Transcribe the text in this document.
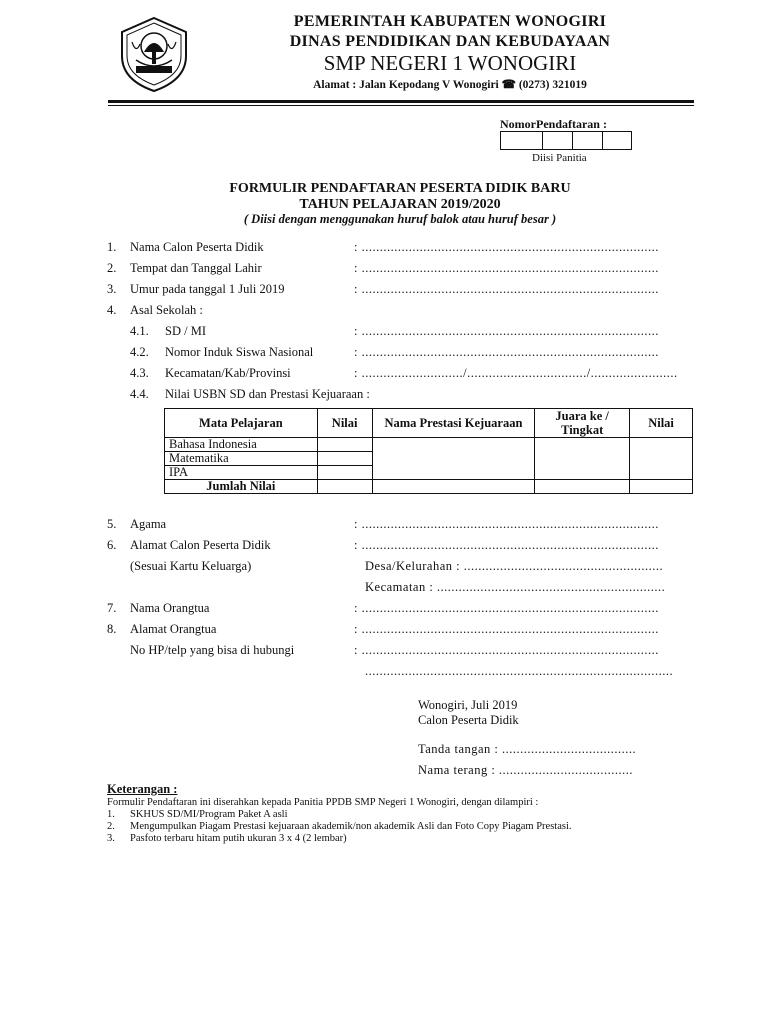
PEMERINTAH KABUPATEN WONOGIRI
DINAS PENDIDIKAN DAN KEBUDAYAAN
SMP NEGERI 1 WONOGIRI
Alamat : Jalan Kepodang V Wonogiri ☎ (0273) 321019
NomorPendaftaran :
Diisi Panitia
FORMULIR PENDAFTARAN PESERTA DIDIK BARU
TAHUN PELAJARAN 2019/2020
( Diisi dengan menggunakan huruf balok atau huruf besar )
1. Nama Calon Peserta Didik	: ..................................................................................
2. Tempat dan Tanggal Lahir	: ..................................................................................
3. Umur pada tanggal 1 Juli 2019	: ..................................................................................
4. Asal Sekolah :
4.1. SD / MI	: ..................................................................................
4.2. Nomor Induk Siswa Nasional	: ..................................................................................
4.3. Kecamatan/Kab/Provinsi	: ............................/................................./........................
4.4. Nilai USBN SD dan Prestasi Kejuaraan :
Mata Pelajaran	Nilai	Nama Prestasi Kejuaraan	Juara ke / Tingkat	Nilai
Bahasa Indonesia				
Matematika				
IPA				
Jumlah Nilai				
5. Agama	: ..................................................................................
6. Alamat Calon Peserta Didik	: ..................................................................................
(Sesuai Kartu Keluarga)	Desa/Kelurahan : .......................................................
Kecamatan : ...............................................................
7. Nama Orangtua	: ..................................................................................
8. Alamat Orangtua	: ..................................................................................
No HP/telp yang bisa di hubungi	: ..................................................................................
.....................................................................................
Wonogiri, Juli 2019
Calon Peserta Didik
Tanda tangan : .....................................
Nama terang : .....................................
Keterangan :
Formulir Pendaftaran ini diserahkan kepada Panitia PPDB SMP Negeri 1 Wonogiri, dengan dilampiri :
1. SKHUS SD/MI/Program Paket A asli
2. Mengumpulkan Piagam Prestasi kejuaraan akademik/non akademik Asli dan Foto Copy Piagam Prestasi.
3. Pasfoto terbaru hitam putih ukuran 3 x 4 (2 lembar)
